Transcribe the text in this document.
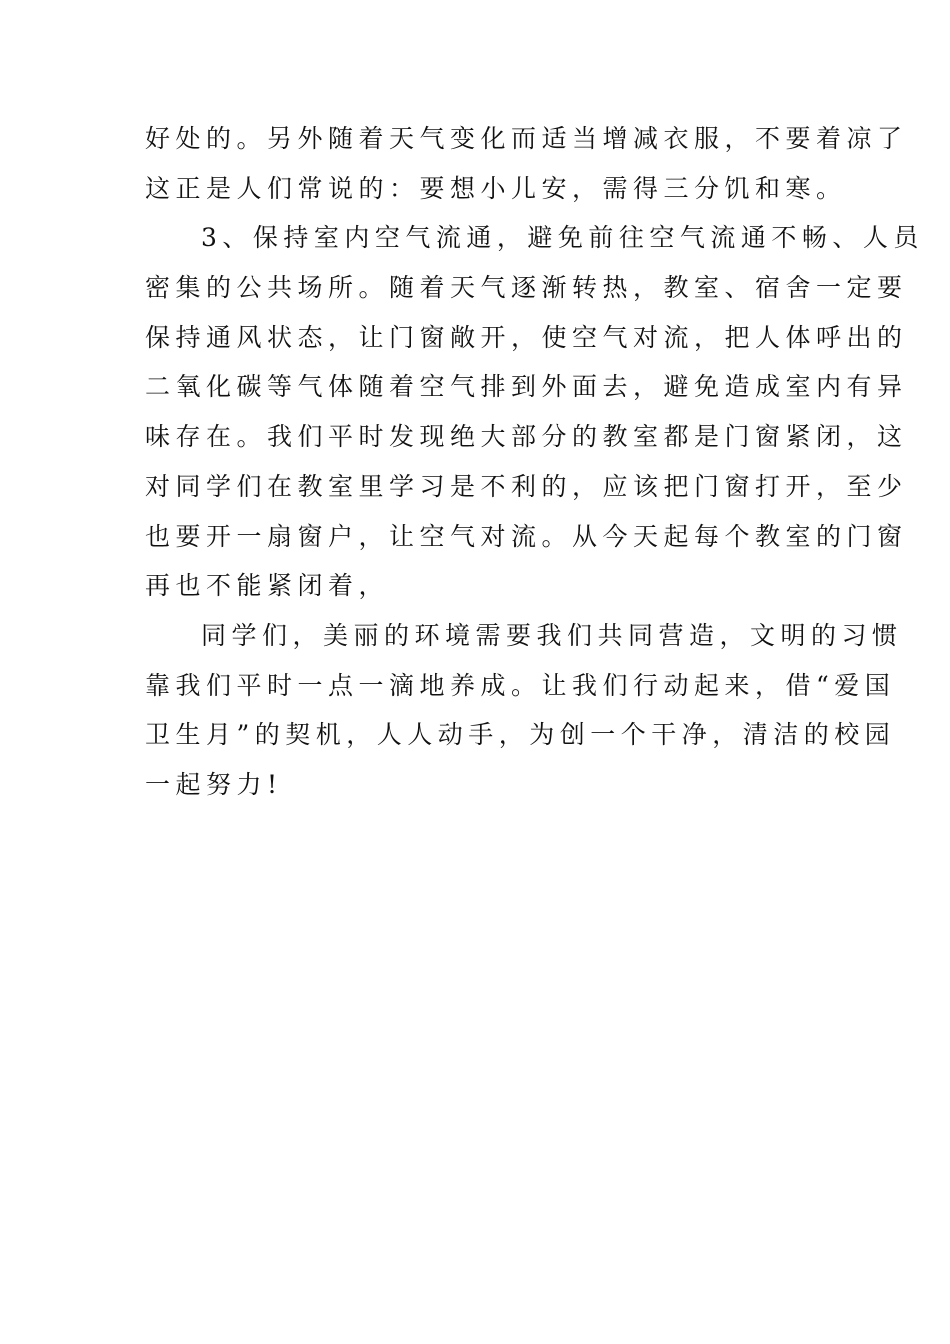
好处的。另外随着天气变化而适当增减衣服，不要着凉了
这正是人们常说的：要想小儿安，需得三分饥和寒。
3、保持室内空气流通，避免前往空气流通不畅、人员
密集的公共场所。随着天气逐渐转热，教室、宿舍一定要
保持通风状态，让门窗敞开，使空气对流，把人体呼出的
二氧化碳等气体随着空气排到外面去，避免造成室内有异
味存在。我们平时发现绝大部分的教室都是门窗紧闭，这
对同学们在教室里学习是不利的，应该把门窗打开，至少
也要开一扇窗户，让空气对流。从今天起每个教室的门窗
再也不能紧闭着，
同学们，美丽的环境需要我们共同营造，文明的习惯
靠我们平时一点一滴地养成。让我们行动起来，借“爱国
卫生月”的契机，人人动手，为创一个干净，清洁的校园
一起努力!
